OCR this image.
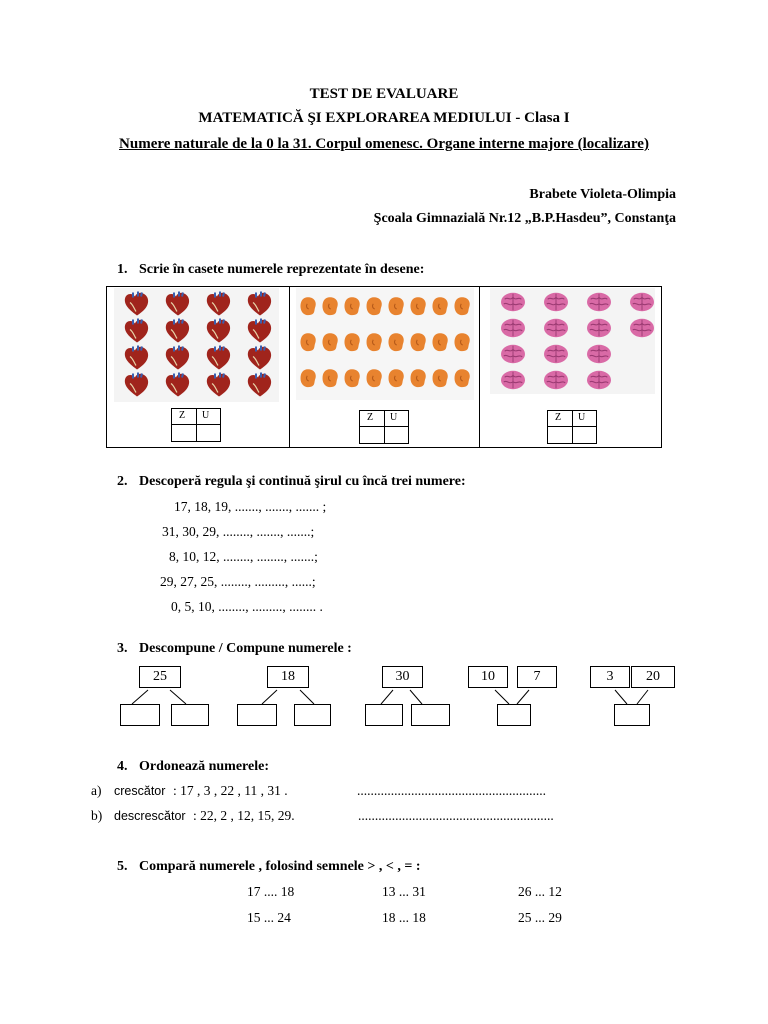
TEST DE EVALUARE
MATEMATICĂ ŞI EXPLORAREA MEDIULUI - Clasa I
Numere naturale de la 0 la 31. Corpul omenesc. Organe interne majore (localizare)
Brabete Violeta-Olimpia
Şcoala Gimnazială Nr.12 „B.P.Hasdeu”, Constanţa
1. Scrie în casete numerele reprezentate în desene:
Z U	Z U	Z U
2. Descoperă regula şi continuă şirul cu încă trei numere:
17, 18, 19, ......., ......., ....... ;
31, 30, 29, ........, ......., .......;
8, 10, 12, ........, ........, .......;
29, 27, 25, ........, ........., ......;
0, 5, 10, ........, ........., ........ .
3. Descompune / Compune numerele :
25	18	30	10	7	3	20
4. Ordonează numerele:
a) crescător : 17 , 3 , 22 , 11 , 31 .	........................................................
b) descrescător : 22, 2 , 12, 15, 29.	..........................................................
5. Compară numerele , folosind semnele > , < , = :
17 .... 18	13 ... 31	26 ... 12
15 ... 24	18 ... 18	25 ... 29
